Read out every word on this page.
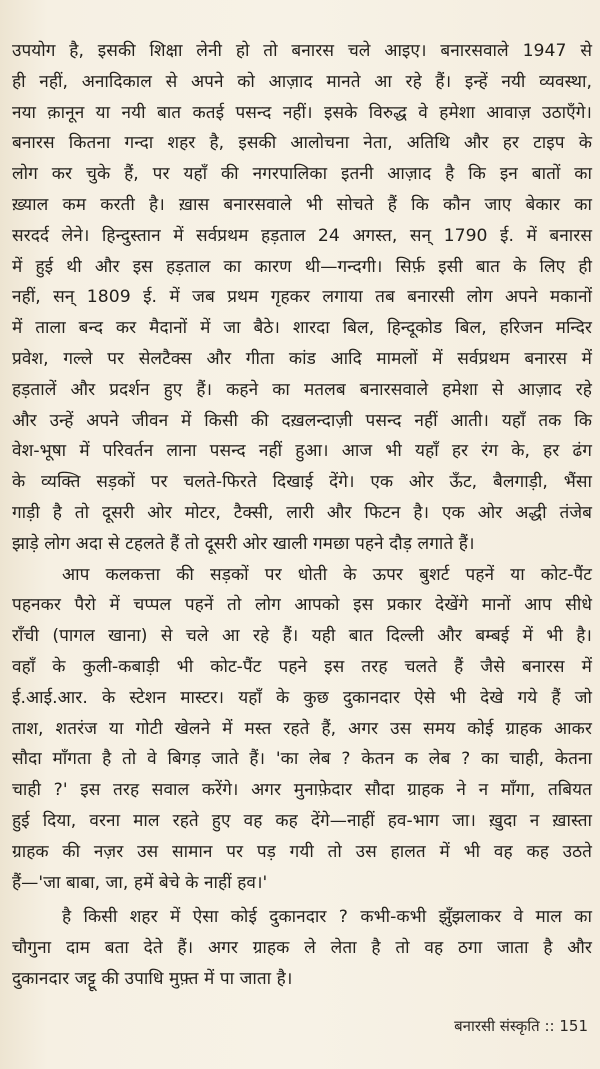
उपयोग है, इसकी शिक्षा लेनी हो तो बनारस चले आइए। बनारसवाले 1947 से
ही नहीं, अनादिकाल से अपने को आज़ाद मानते आ रहे हैं। इन्हें नयी व्यवस्था,
नया क़ानून या नयी बात कतई पसन्द नहीं। इसके विरुद्ध वे हमेशा आवाज़ उठाएँगे।
बनारस कितना गन्दा शहर है, इसकी आलोचना नेता, अतिथि और हर टाइप के
लोग कर चुके हैं, पर यहाँ की नगरपालिका इतनी आज़ाद है कि इन बातों का
ख़्याल कम करती है। ख़ास बनारसवाले भी सोचते हैं कि कौन जाए बेकार का
सरदर्द लेने। हिन्दुस्तान में सर्वप्रथम हड़ताल 24 अगस्त, सन् 1790 ई. में बनारस
में हुई थी और इस हड़ताल का कारण थी—गन्दगी। सिर्फ़ इसी बात के लिए ही
नहीं, सन् 1809 ई. में जब प्रथम गृहकर लगाया तब बनारसी लोग अपने मकानों
में ताला बन्द कर मैदानों में जा बैठे। शारदा बिल, हिन्दूकोड बिल, हरिजन मन्दिर
प्रवेश, गल्ले पर सेलटैक्स और गीता कांड आदि मामलों में सर्वप्रथम बनारस में
हड़तालें और प्रदर्शन हुए हैं। कहने का मतलब बनारसवाले हमेशा से आज़ाद रहे
और उन्हें अपने जीवन में किसी की दख़लन्दाज़ी पसन्द नहीं आती। यहाँ तक कि
वेश-भूषा में परिवर्तन लाना पसन्द नहीं हुआ। आज भी यहाँ हर रंग के, हर ढंग
के व्यक्ति सड़कों पर चलते-फिरते दिखाई देंगे। एक ओर ऊँट, बैलगाड़ी, भैंसा
गाड़ी है तो दूसरी ओर मोटर, टैक्सी, लारी और फिटन है। एक ओर अद्धी तंजेब
झाड़े लोग अदा से टहलते हैं तो दूसरी ओर खाली गमछा पहने दौड़ लगाते हैं।
आप कलकत्ता की सड़कों पर धोती के ऊपर बुशर्ट पहनें या कोट-पैंट
पहनकर पैरो में चप्पल पहनें तो लोग आपको इस प्रकार देखेंगे मानों आप सीधे
राँची (पागल खाना) से चले आ रहे हैं। यही बात दिल्ली और बम्बई में भी है।
वहाँ के कुली-कबाड़ी भी कोट-पैंट पहने इस तरह चलते हैं जैसे बनारस में
ई.आई.आर. के स्टेशन मास्टर। यहाँ के कुछ दुकानदार ऐसे भी देखे गये हैं जो
ताश, शतरंज या गोटी खेलने में मस्त रहते हैं, अगर उस समय कोई ग्राहक आकर
सौदा माँगता है तो वे बिगड़ जाते हैं। 'का लेब ? केतन क लेब ? का चाही, केतना
चाही ?' इस तरह सवाल करेंगे। अगर मुनाफ़ेदार सौदा ग्राहक ने न माँगा, तबियत
हुई दिया, वरना माल रहते हुए वह कह देंगे—नाहीं हव-भाग जा। ख़ुदा न ख़ास्ता
ग्राहक की नज़र उस सामान पर पड़ गयी तो उस हालत में भी वह कह उठते
हैं—'जा बाबा, जा, हमें बेचे के नाहीं हव।'
है किसी शहर में ऐसा कोई दुकानदार ? कभी-कभी झुँझलाकर वे माल का
चौगुना दाम बता देते हैं। अगर ग्राहक ले लेता है तो वह ठगा जाता है और
दुकानदार जट्टू की उपाधि मुफ़्त में पा जाता है।
बनारसी संस्कृति :: 151
